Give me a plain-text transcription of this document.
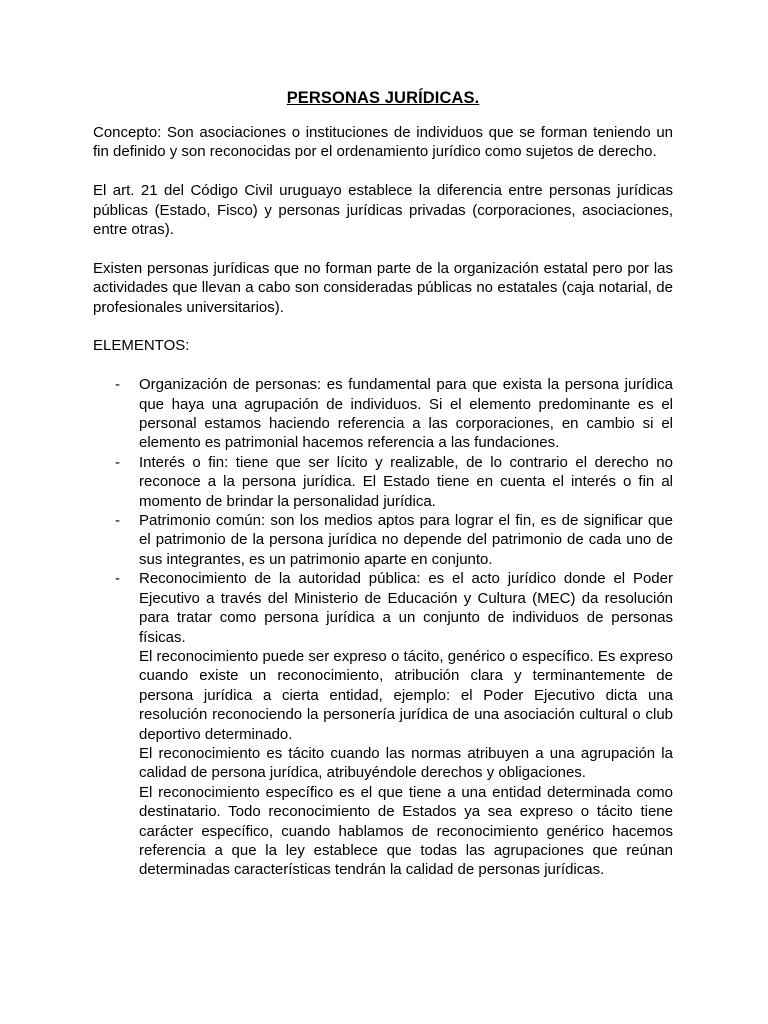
PERSONAS JURÍDICAS.

Concepto: Son asociaciones o instituciones de individuos que se forman teniendo un fin definido y son reconocidas por el ordenamiento jurídico como sujetos de derecho.

El art. 21 del Código Civil uruguayo establece la diferencia entre personas jurídicas públicas (Estado, Fisco) y personas jurídicas privadas (corporaciones, asociaciones, entre otras).

Existen personas jurídicas que no forman parte de la organización estatal pero por las actividades que llevan a cabo son consideradas públicas no estatales (caja notarial, de profesionales universitarios).

ELEMENTOS:
- Organización de personas: es fundamental para que exista la persona jurídica que haya una agrupación de individuos. Si el elemento predominante es el personal estamos haciendo referencia a las corporaciones, en cambio si el elemento es patrimonial hacemos referencia a las fundaciones.

- Interés o fin: tiene que ser lícito y realizable, de lo contrario el derecho no reconoce a la persona jurídica. El Estado tiene en cuenta el interés o fin al momento de brindar la personalidad jurídica.

- Patrimonio común: son los medios aptos para lograr el fin, es de significar que el patrimonio de la persona jurídica no depende del patrimonio de cada uno de sus integrantes, es un patrimonio aparte en conjunto.

- Reconocimiento de la autoridad pública: es el acto jurídico donde el Poder Ejecutivo a través del Ministerio de Educación y Cultura (MEC) da resolución para tratar como persona jurídica a un conjunto de individuos de personas físicas.

El reconocimiento puede ser expreso o tácito, genérico o específico. Es expreso cuando existe un reconocimiento, atribución clara y terminantemente de persona jurídica a cierta entidad, ejemplo: el Poder Ejecutivo dicta una resolución reconociendo la personería jurídica de una asociación cultural o club deportivo determinado.

El reconocimiento es tácito cuando las normas atribuyen a una agrupación la calidad de persona jurídica, atribuyéndole derechos y obligaciones.

El reconocimiento específico es el que tiene a una entidad determinada como destinatario. Todo reconocimiento de Estados ya sea expreso o tácito tiene carácter específico, cuando hablamos de reconocimiento genérico hacemos referencia a que la ley establece que todas las agrupaciones que reúnan determinadas características tendrán la calidad de personas jurídicas.
